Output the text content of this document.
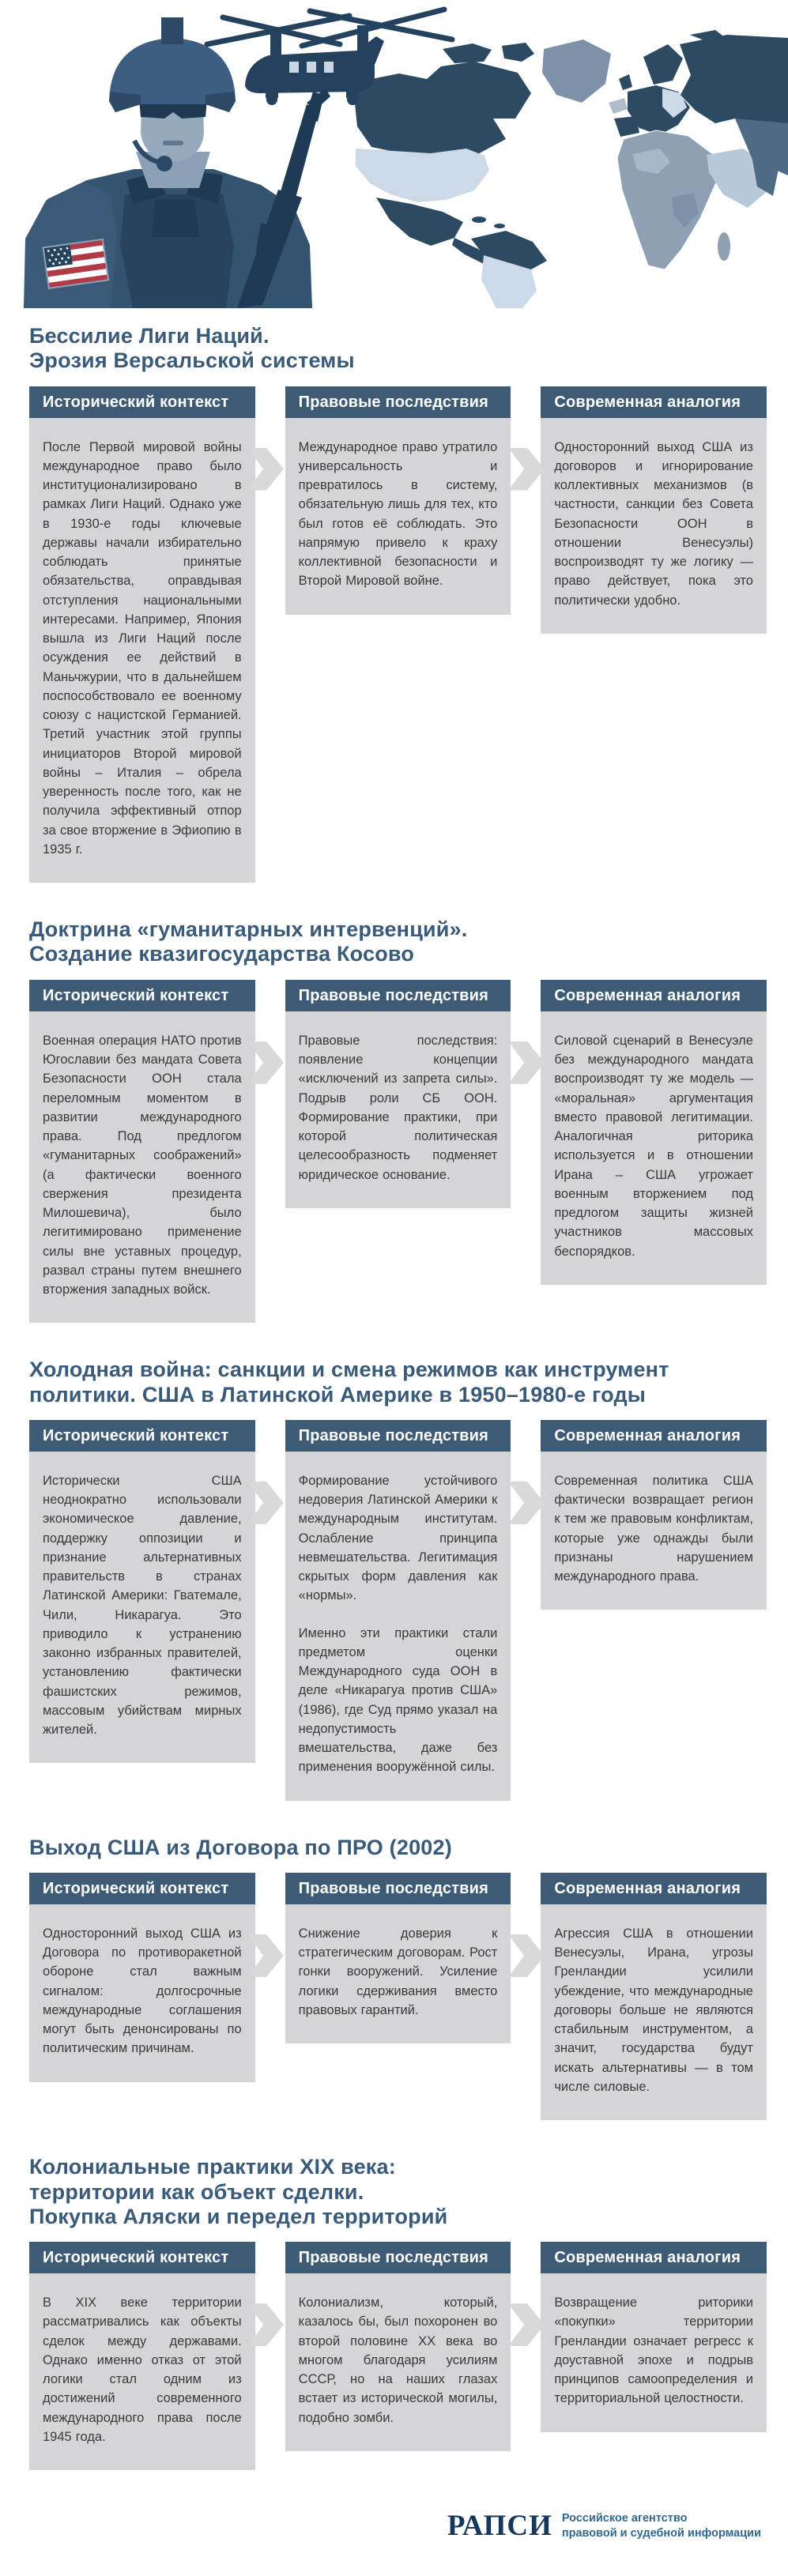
Бессилие Лиги Наций.
Эрозия Версальской системы
Исторический контекст

После Первой мировой войны международное право было институционализировано в рамках Лиги Наций. Однако уже в 1930-е годы ключевые державы начали избирательно соблюдать принятые обязательства, оправдывая отступления национальными интересами. Например, Япония вышла из Лиги Наций после осуждения ее действий в Маньчжурии, что в дальнейшем поспособствовало ее военному союзу с нацистской Германией. Третий участник этой группы инициаторов Второй мировой войны – Италия – обрела уверенность после того, как не получила эффективный отпор за свое вторжение в Эфиопию в 1935 г.

Правовые последствия

Международное право утратило универсальность и превратилось в систему, обязательную лишь для тех, кто был готов её соблюдать. Это напрямую привело к краху коллективной безопасности и Второй Мировой войне.

Современная аналогия

Односторонний выход США из договоров и игнорирование коллективных механизмов (в частности, санкции без Совета Безопасности ООН в отношении Венесуэлы) воспроизводят ту же логику — право действует, пока это политически удобно.

Доктрина «гуманитарных интервенций».
Создание квазигосударства Косово
Исторический контекст

Военная операция НАТО против Югославии без мандата Совета Безопасности ООН стала переломным моментом в развитии международного права. Под предлогом «гуманитарных соображений» (а фактически военного свержения президента Милошевича), было легитимировано применение силы вне уставных процедур, развал страны путем внешнего вторжения западных войск.

Правовые последствия

Правовые последствия: появление концепции «исключений из запрета силы». Подрыв роли СБ ООН. Формирование практики, при которой политическая целесообразность подменяет юридическое основание.

Современная аналогия

Силовой сценарий в Венесуэле без международного мандата воспроизводят ту же модель — «моральная» аргументация вместо правовой легитимации. Аналогичная риторика используется и в отношении Ирана – США угрожает военным вторжением под предлогом защиты жизней участников массовых беспорядков.

Холодная война: санкции и смена режимов как инструмент
политики. США в Латинской Америке в 1950–1980-е годы
Исторический контекст

Исторически США неоднократно использовали экономическое давление, поддержку оппозиции и признание альтернативных правительств в странах Латинской Америки: Гватемале, Чили, Никарагуа. Это приводило к устранению законно избранных правителей, установлению фактически фашистских режимов, массовым убийствам мирных жителей.

Правовые последствия

Формирование устойчивого недоверия Латинской Америки к международным институтам. Ослабление принципа невмешательства. Легитимация скрытых форм давления как «нормы».

Именно эти практики стали предметом оценки Международного суда ООН в деле «Никарагуа против США» (1986), где Суд прямо указал на недопустимость вмешательства, даже без применения вооружённой силы.

Современная аналогия

Современная политика США фактически возвращает регион к тем же правовым конфликтам, которые уже однажды были признаны нарушением международного права.

Выход США из Договора по ПРО (2002)
Исторический контекст

Односторонний выход США из Договора по противоракетной обороне стал важным сигналом: долгосрочные международные соглашения могут быть денонсированы по политическим причинам.

Правовые последствия

Снижение доверия к стратегическим договорам. Рост гонки вооружений. Усиление логики сдерживания вместо правовых гарантий.

Современная аналогия

Агрессия США в отношении Венесуэлы, Ирана, угрозы Гренландии усилили убеждение, что международные договоры больше не являются стабильным инструментом, а значит, государства будут искать альтернативы — в том числе силовые.

Колониальные практики XIX века:
территории как объект сделки.
Покупка Аляски и передел территорий
Исторический контекст

В XIX веке территории рассматривались как объекты сделок между державами. Однако именно отказ от этой логики стал одним из достижений современного международного права после 1945 года.

Правовые последствия

Колониализм, который, казалось бы, был похоронен во второй половине XX века во многом благодаря усилиям СССР, но на наших глазах встает из исторической могилы, подобно зомби.

Современная аналогия

Возвращение риторики «покупки» территории Гренландии означает регресс к доуставной эпохе и подрыв принципов самоопределения и территориальной целостности.

РАПСИ Российское агентство
правовой и судебной информации
